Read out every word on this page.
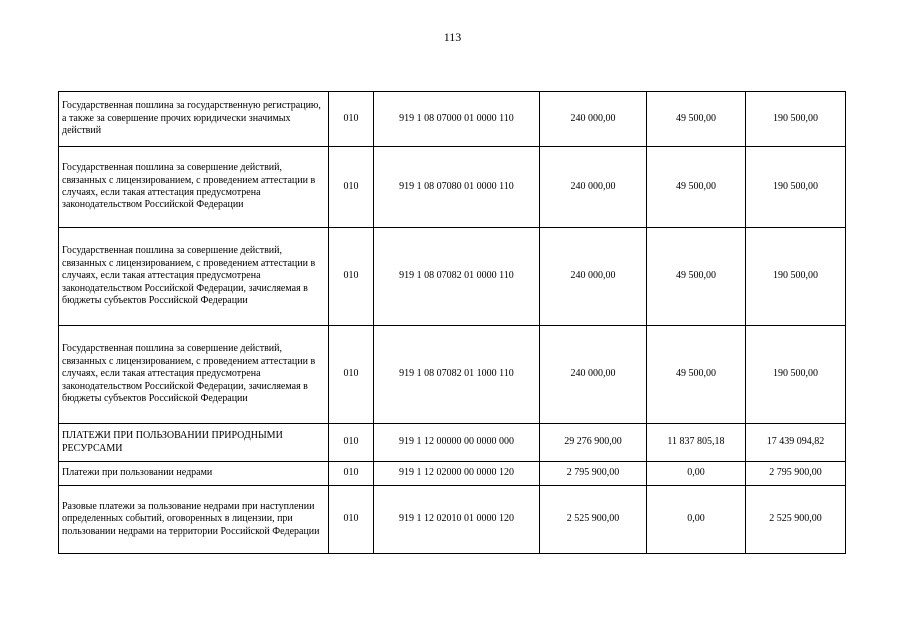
113
Государственная пошлина за государственную регистрацию, а также за совершение прочих юридически значимых действий	010	919 1 08 07000 01 0000 110	240 000,00	49 500,00	190 500,00
Государственная пошлина за совершение действий, связанных с лицензированием, с проведением аттестации в случаях, если такая аттестация предусмотрена законодательством Российской Федерации	010	919 1 08 07080 01 0000 110	240 000,00	49 500,00	190 500,00
Государственная пошлина за совершение действий, связанных с лицензированием, с проведением аттестации в случаях, если такая аттестация предусмотрена законодательством Российской Федерации, зачисляемая в бюджеты субъектов Российской Федерации	010	919 1 08 07082 01 0000 110	240 000,00	49 500,00	190 500,00
Государственная пошлина за совершение действий, связанных с лицензированием, с проведением аттестации в случаях, если такая аттестация предусмотрена законодательством Российской Федерации, зачисляемая в бюджеты субъектов Российской Федерации	010	919 1 08 07082 01 1000 110	240 000,00	49 500,00	190 500,00
ПЛАТЕЖИ ПРИ ПОЛЬЗОВАНИИ ПРИРОДНЫМИ РЕСУРСАМИ	010	919 1 12 00000 00 0000 000	29 276 900,00	11 837 805,18	17 439 094,82
Платежи при пользовании недрами	010	919 1 12 02000 00 0000 120	2 795 900,00	0,00	2 795 900,00
Разовые платежи за пользование недрами при наступлении определенных событий, оговоренных в лицензии, при пользовании недрами на территории Российской Федерации	010	919 1 12 02010 01 0000 120	2 525 900,00	0,00	2 525 900,00
